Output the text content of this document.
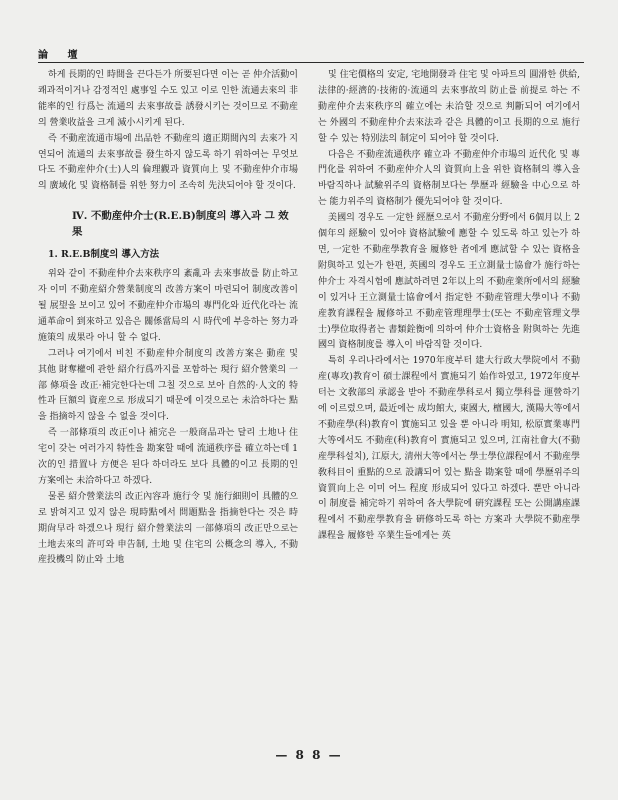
論 壇

하게 長期的인 時間을 끈다든가 所要된다면 이는 곧 仲介活動이 쾌과적이거나 감정적인 處事일 수도 있고 이로 인한 流通去來의 非能率的인 行爲는 流通의 去來事故를 誘發시키는 것이므로 不動産의 營業收益을 크게 減小시키게 된다.

즉 不動産流通市場에 出品한 不動産의 適正期間內의 去來가 지연되어 流通의 去來事故를 發生하지 않도록 하기 위하여는 무엇보다도 不動産仲介(士)人의 倫理觀과 資質向上 및 不動産仲介市場의 廣域化 및 資格制를 위한 努力이 조속히 先決되어야 할 것이다.

Ⅳ. 不動産仲介士(R.E.B)制度의 導入과 그 效果
1. R.E.B制度의 導入方法

위와 같이 不動産仲介去來秩序의 紊亂과 去來事故를 防止하고자 이미 不動産紹介營業制度의 改善方案이 마련되어 制度改善이 될 展望을 보이고 있어 不動産仲介市場의 專門化와 近代化라는 流通革命이 到來하고 있음은 關係當局의 시 時代에 부응하는 努力과 施策의 成果라 아니 할 수 없다.

그러나 여기에서 비친 不動産仲介制度의 改善方案은 動産 및 其他 財奪權에 관한 紹介行爲까지를 포함하는 現行 紹介營業의 一部 條項을 改正·補完한다는데 그칠 것으로 보아 自然的·人文的 特性과 巨額의 資産으로 形成되기 때문에 이것으로는 未洽하다는 點을 指摘하지 않을 수 없을 것이다.

즉 一部條項의 改正이나 補完은 一般商品과는 달리 土地나 住宅이 갖는 여러가지 特性을 勘案할 때에 流通秩序를 確立하는데 1次的인 措置나 方便은 된다 하더라도 보다 具體的이고 長期的인 方案에는 未洽하다고 하겠다.

물론 紹介營業法의 改正內容과 施行令 및 施行細則이 具體的으로 밝혀지고 있지 않은 現時點에서 問題點을 指摘한다는 것은 時期尙早라 하겠으나 現行 紹介營業法의 一部條項의 改正만으로는 土地去來의 許可와 申告制, 土地 및 住宅의 公概念의 導入, 不動産投機의 防止와 土地

및 住宅價格의 安定, 宅地開發과 住宅 및 아파트의 圓滑한 供給, 法律的·經濟的·技術的·流通의 去來事故의 防止를 前提로 하는 不動産仲介去來秩序의 確立에는 未洽할 것으로 判斷되어 여기에서는 外國의 不動産仲介去來法과 같은 具體的이고 長期的으로 施行할 수 있는 特別法의 制定이 되어야 할 것이다.

다음은 不動産流通秩序 確立과 不動産仲介市場의 近代化 및 專門化를 위하여 不動産仲介人의 資質向上을 위한 資格制의 導入을 바람직하나 試驗위주의 資格制보다는 學歷과 經驗을 中心으로 하는 能力위주의 資格制가 優先되어야 할 것이다.

美國의 경우도 一定한 經歷으로서 不動産分野에서 6個月以上 2個年의 經驗이 있어야 資格試驗에 應할 수 있도록 하고 있는가 하면, 一定한 不動産學教育을 履修한 者에게 應試할 수 있는 資格을 附與하고 있는가 한편, 英國의 경우도 王立測量士協會가 施行하는 仲介士 자격시험에 應試하려면 2年以上의 不動産業所에서의 經驗이 있거나 王立測量士協會에서 指定한 不動産管理大學이나 不動産教育課程을 履修하고 不動産管理理學士(또는 不動産管理文學士)學位取得者는 書類銓衡에 의하여 仲介士資格을 附與하는 先進國의 資格制度를 導入이 바람직할 것이다.

특히 우리나라에서는 1970年度부터 建大行政大學院에서 不動産(專攻)教育이 碩士課程에서 實施되기 始作하였고, 1972年度부터는 文敎部의 承認을 받아 不動産學科로서 獨立學科를 運營하기에 이르렀으며, 最近에는 成均館大, 東國大, 檀國大, 漢陽大等에서 不動産學(科)教育이 實施되고 있을 뿐 아니라 明知, 松原實業專門大等에서도 不動産(科)教育이 實施되고 있으며, 江南社會大(不動産學科설치), 江原大, 淸州大等에서는 學士學位課程에서 不動産學敎科目이 重點的으로 設講되어 있는 點을 勘案할 때에 學歷위주의 資質向上은 이미 어느 程度 形成되어 있다고 하겠다. 뿐만 아니라 이 制度를 補完하기 위하여 各大學院에 硏究課程 또는 公開講座課程에서 不動産學教育을 硏修하도록 하는 方案과 大學院不動産學課程을 履修한 卒業生들에게는 英

— 8 8 —
